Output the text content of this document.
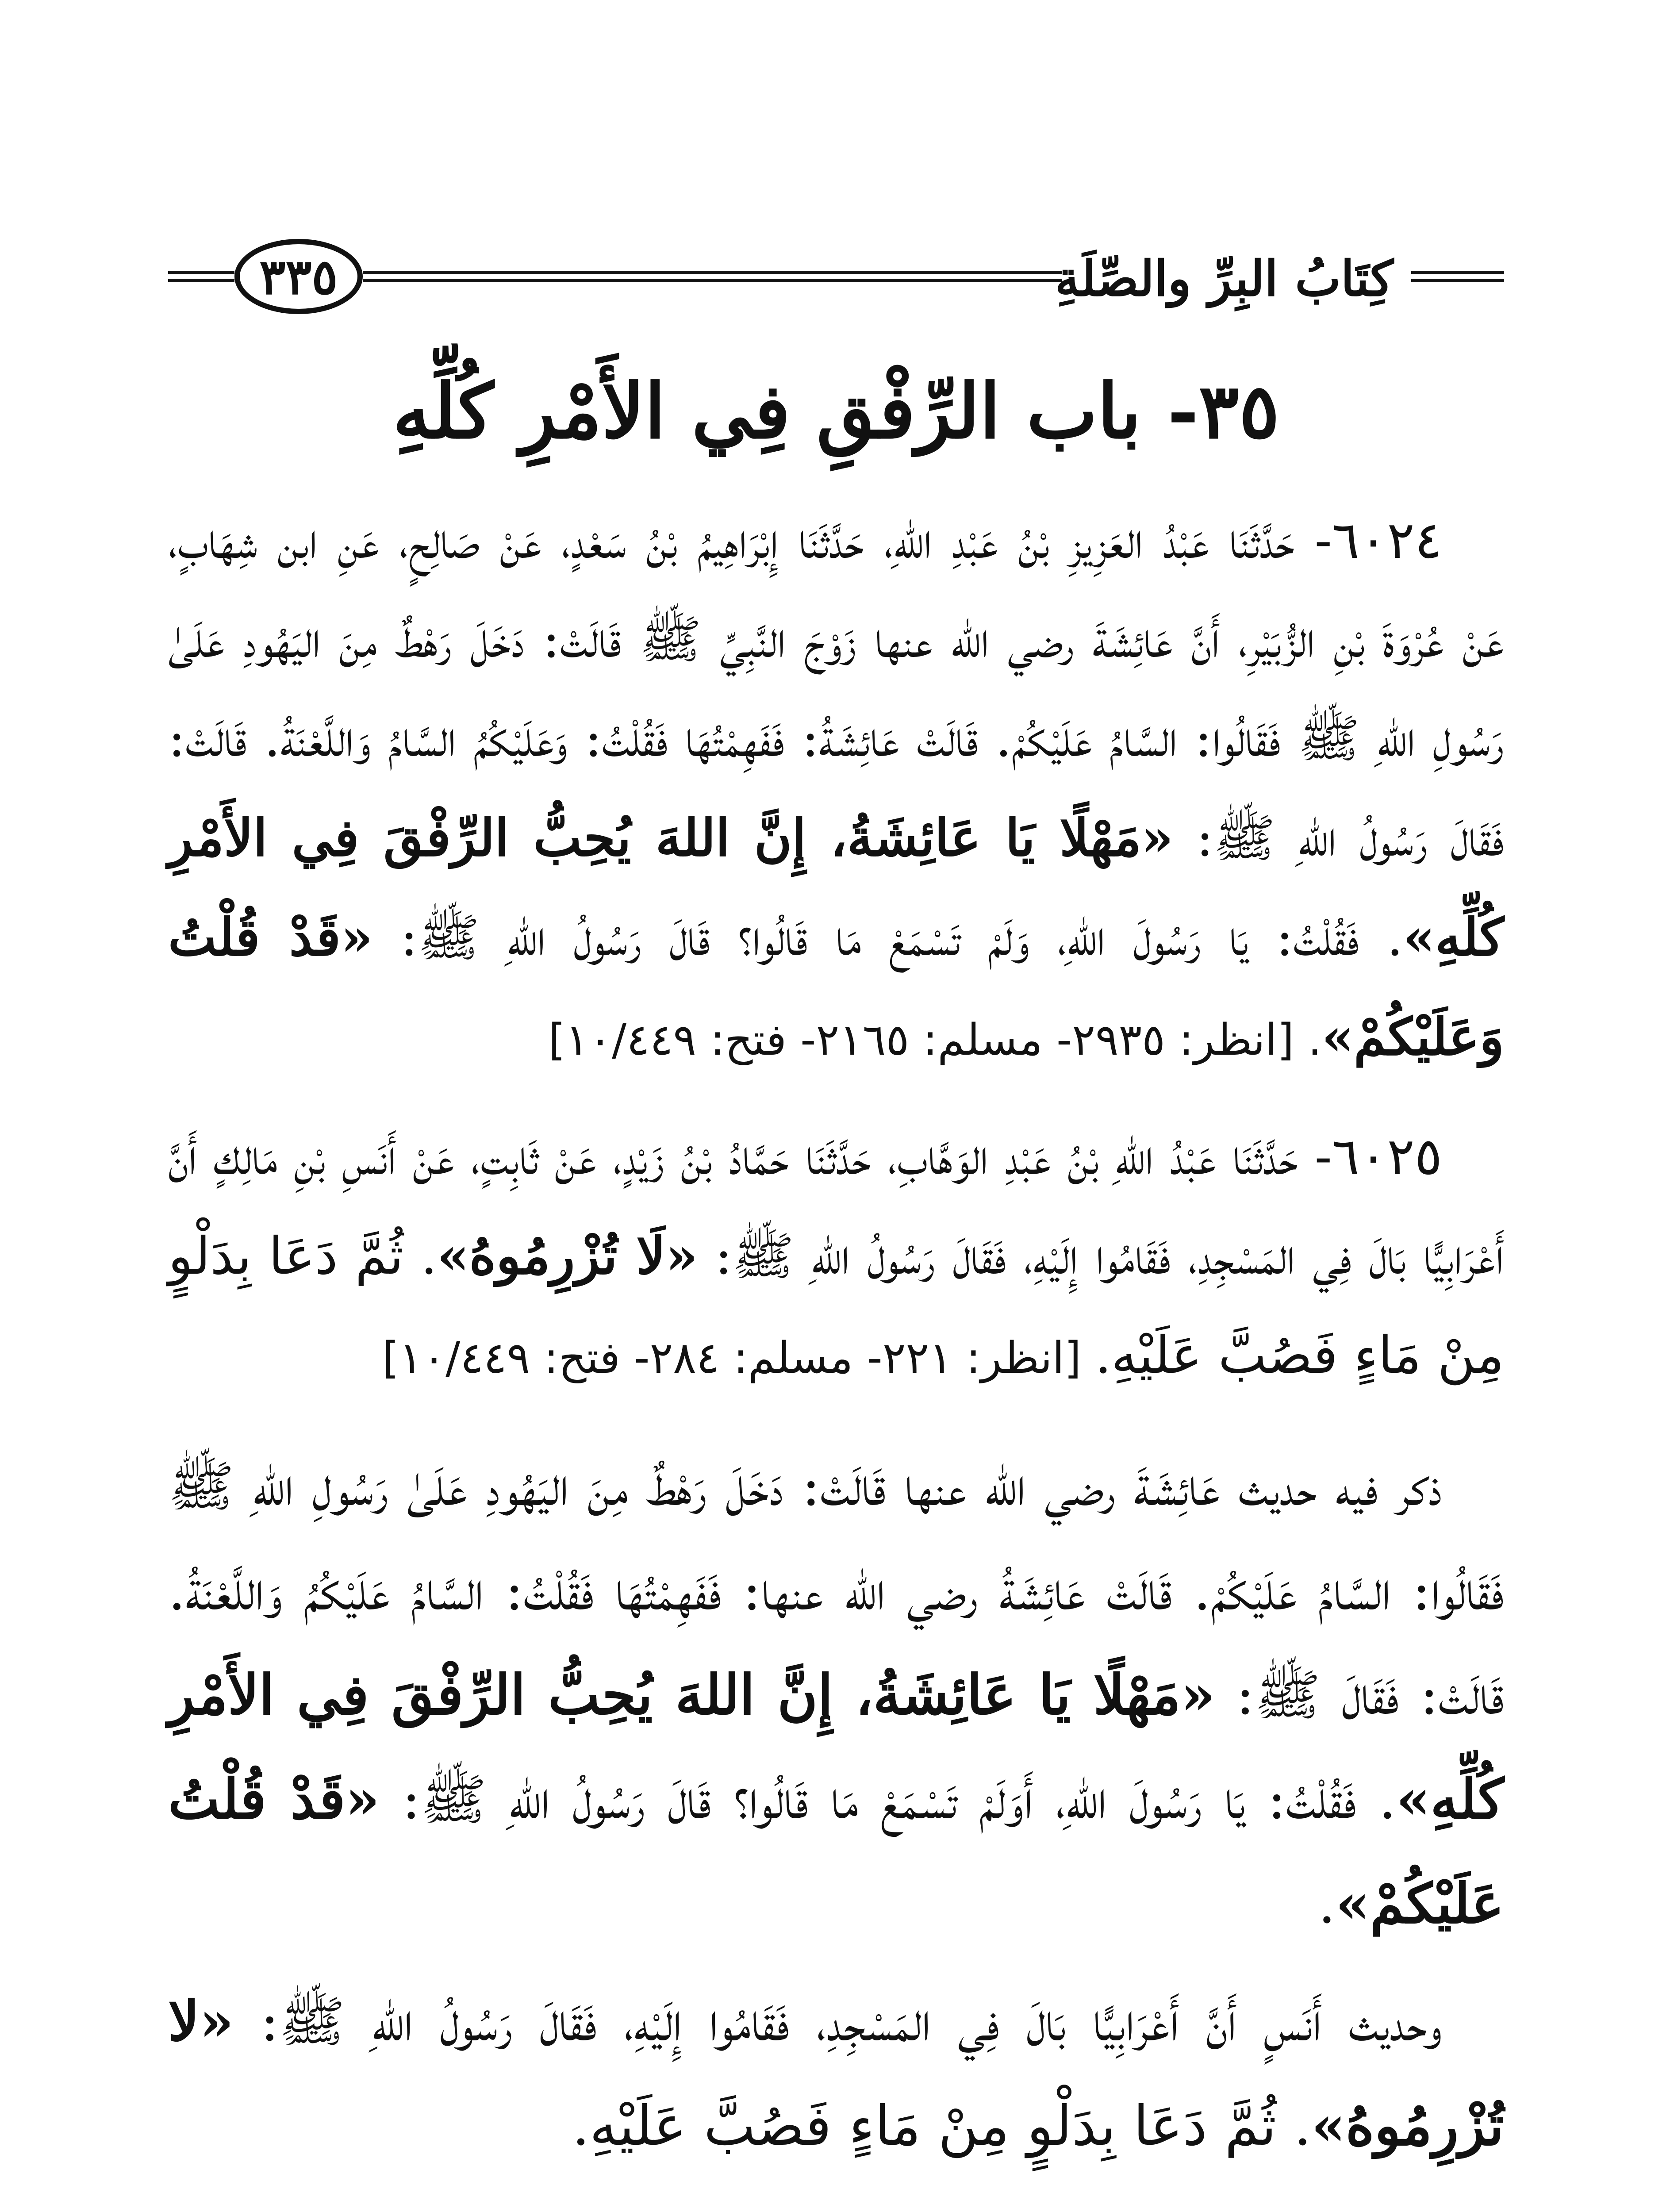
كِتَابُ البِرِّ والصِّلَةِ
٣٣٥
٣٥- باب الرِّفْقِ فِي الأَمْرِ كُلِّهِ

٦٠٢٤- حَدَّثَنَا عَبْدُ العَزِيزِ بْنُ عَبْدِ اللهِ، حَدَّثَنَا إِبْرَاهِيمُ بْنُ سَعْدٍ، عَنْ صَالِحٍ، عَنِ ابن شِهَابٍ، عَنْ عُرْوَةَ بْنِ الزُّبَيْرِ، أَنَّ عَائِشَةَ رضي الله عنها زَوْجَ النَّبِيِّ ﷺ قَالَتْ: دَخَلَ رَهْطٌ مِنَ اليَهُودِ عَلَىٰ رَسُولِ اللهِ ﷺ فَقَالُوا: السَّامُ عَلَيْكُمْ. قَالَتْ عَائِشَةُ: فَفَهِمْتُهَا فَقُلْتُ: وَعَلَيْكُمُ السَّامُ وَاللَّعْنَةُ. قَالَتْ: فَقَالَ رَسُولُ اللهِ ﷺ: «مَهْلًا يَا عَائِشَةُ، إِنَّ اللهَ يُحِبُّ الرِّفْقَ فِي الأَمْرِ كُلِّهِ». فَقُلْتُ: يَا رَسُولَ اللهِ، وَلَمْ تَسْمَعْ مَا قَالُوا؟ قَالَ رَسُولُ اللهِ ﷺ: «قَدْ قُلْتُ وَعَلَيْكُمْ». [انظر: ٢٩٣٥- مسلم: ٢١٦٥- فتح: ١٠/٤٤٩]

٦٠٢٥- حَدَّثَنَا عَبْدُ اللهِ بْنُ عَبْدِ الوَهَّابِ، حَدَّثَنَا حَمَّادُ بْنُ زَيْدٍ، عَنْ ثَابِتٍ، عَنْ أَنَسِ بْنِ مَالِكٍ أَنَّ أَعْرَابِيًّا بَالَ فِي المَسْجِدِ، فَقَامُوا إِلَيْهِ، فَقَالَ رَسُولُ اللهِ ﷺ: «لَا تُزْرِمُوهُ». ثُمَّ دَعَا بِدَلْوٍ مِنْ مَاءٍ فَصُبَّ عَلَيْهِ. [انظر: ٢٢١- مسلم: ٢٨٤- فتح: ١٠/٤٤٩]

ذكر فيه حديث عَائِشَةَ رضي الله عنها قَالَتْ: دَخَلَ رَهْطٌ مِنَ اليَهُودِ عَلَىٰ رَسُولِ اللهِ ﷺ فَقَالُوا: السَّامُ عَلَيْكُمْ. قَالَتْ عَائِشَةُ رضي الله عنها: فَفَهِمْتُهَا فَقُلْتُ: السَّامُ عَلَيْكُمُ وَاللَّعْنَةُ. قَالَتْ: فَقَالَ ﷺ: «مَهْلًا يَا عَائِشَةُ، إِنَّ اللهَ يُحِبُّ الرِّفْقَ فِي الأَمْرِ كُلِّهِ». فَقُلْتُ: يَا رَسُولَ اللهِ، أَوَلَمْ تَسْمَعْ مَا قَالُوا؟ قَالَ رَسُولُ اللهِ ﷺ: «قَدْ قُلْتُ عَلَيْكُمْ».

وحديث أَنَسٍ أَنَّ أَعْرَابِيًّا بَالَ فِي المَسْجِدِ، فَقَامُوا إِلَيْهِ، فَقَالَ رَسُولُ اللهِ ﷺ: «لا تُزْرِمُوهُ». ثُمَّ دَعَا بِدَلْوٍ مِنْ مَاءٍ فَصُبَّ عَلَيْهِ.
